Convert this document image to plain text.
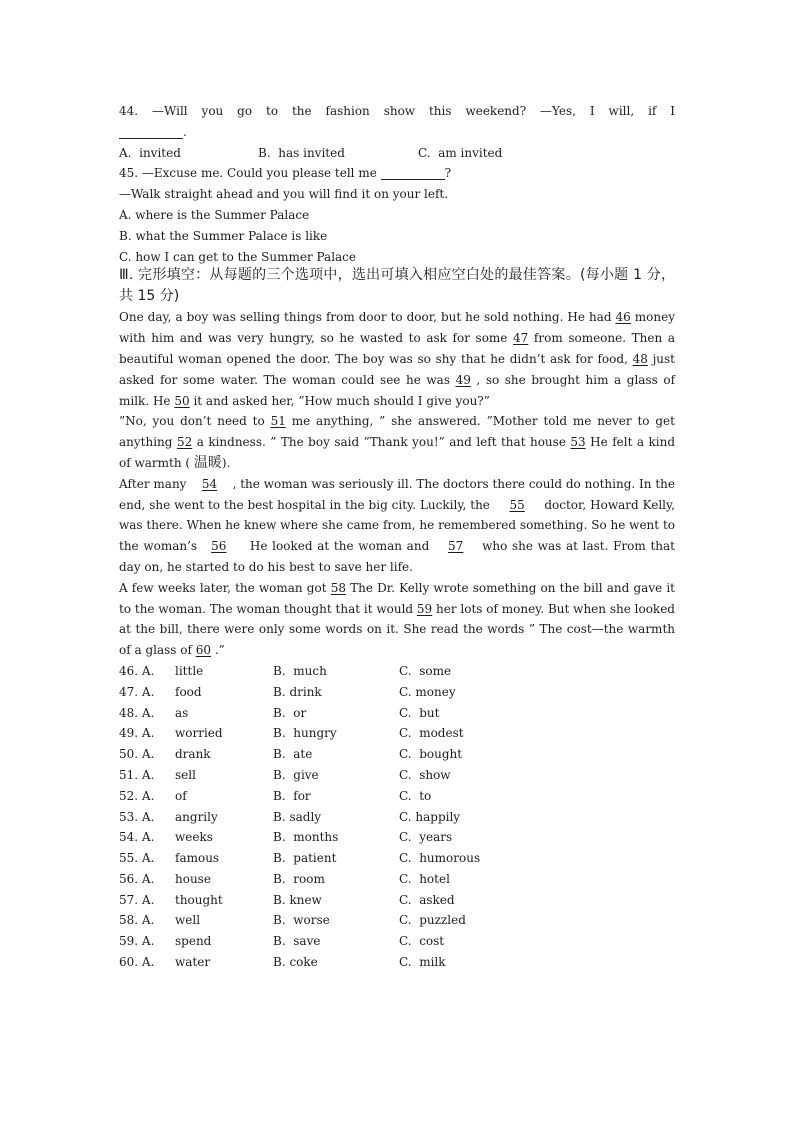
44. —Will you go to the fashion show this weekend? —Yes, I will, if I
.
A.  invited	B.  has invited	C.  am invited
45. —Excuse me. Could you please tell me	?
—Walk straight ahead and you will find it on your left.
A. where is the Summer Palace
B. what the Summer Palace is like
C. how I can get to the Summer Palace
Ⅲ. 完形填空：从每题的三个选项中，选出可填入相应空白处的最佳答案。(每小题 1 分，
共 15 分)

One day, a boy was selling things from door to door, but he sold nothing. He had 46 money with him and was very hungry, so he wasted to ask for some 47 from someone. Then a beautiful woman opened the door. The boy was so shy that he didn’t ask for food, 48 just asked for some water. The woman could see he was 49 , so she brought him a glass of milk. He 50 it and asked her, ”How much should I give you?”

”No, you don’t need to 51 me anything, ” she answered. ”Mother told me never to get anything 52 a kindness. ” The boy said ”Thank you!” and left that house 53 He felt a kind of warmth ( 温暖).

After many    54    , the woman was seriously ill. The doctors there could do nothing. In the end, she went to the best hospital in the big city. Luckily, the     55     doctor, Howard Kelly, was there. When he knew where she came from, he remembered something. So he went to the woman’s   56     He looked at the woman and    57    who she was at last. From that day on, he started to do his best to save her life.

A few weeks later, the woman got 58 The Dr. Kelly wrote something on the bill and gave it to the woman. The woman thought that it would 59 her lots of money. But when she looked at the bill, there were only some words on it. She read the words ” The cost—the warmth of a glass of 60 .”

46. A.	little	B.  much	C.  some
47. A.	food	B. drink	C. money
48. A.	as	B.  or	C.  but
49. A.	worried	B.  hungry	C.  modest
50. A.	drank	B.  ate	C.  bought
51. A.	sell	B.  give	C.  show
52. A.	of	B.  for	C.  to
53. A.	angrily	B. sadly	C. happily
54. A.	weeks	B.  months	C.  years
55. A.	famous	B.  patient	C.  humorous
56. A.	house	B.  room	C.  hotel
57. A.	thought	B. knew	C.  asked
58. A.	well	B.  worse	C.  puzzled
59. A.	spend	B.  save	C.  cost
60. A.	water	B. coke	C.  milk
